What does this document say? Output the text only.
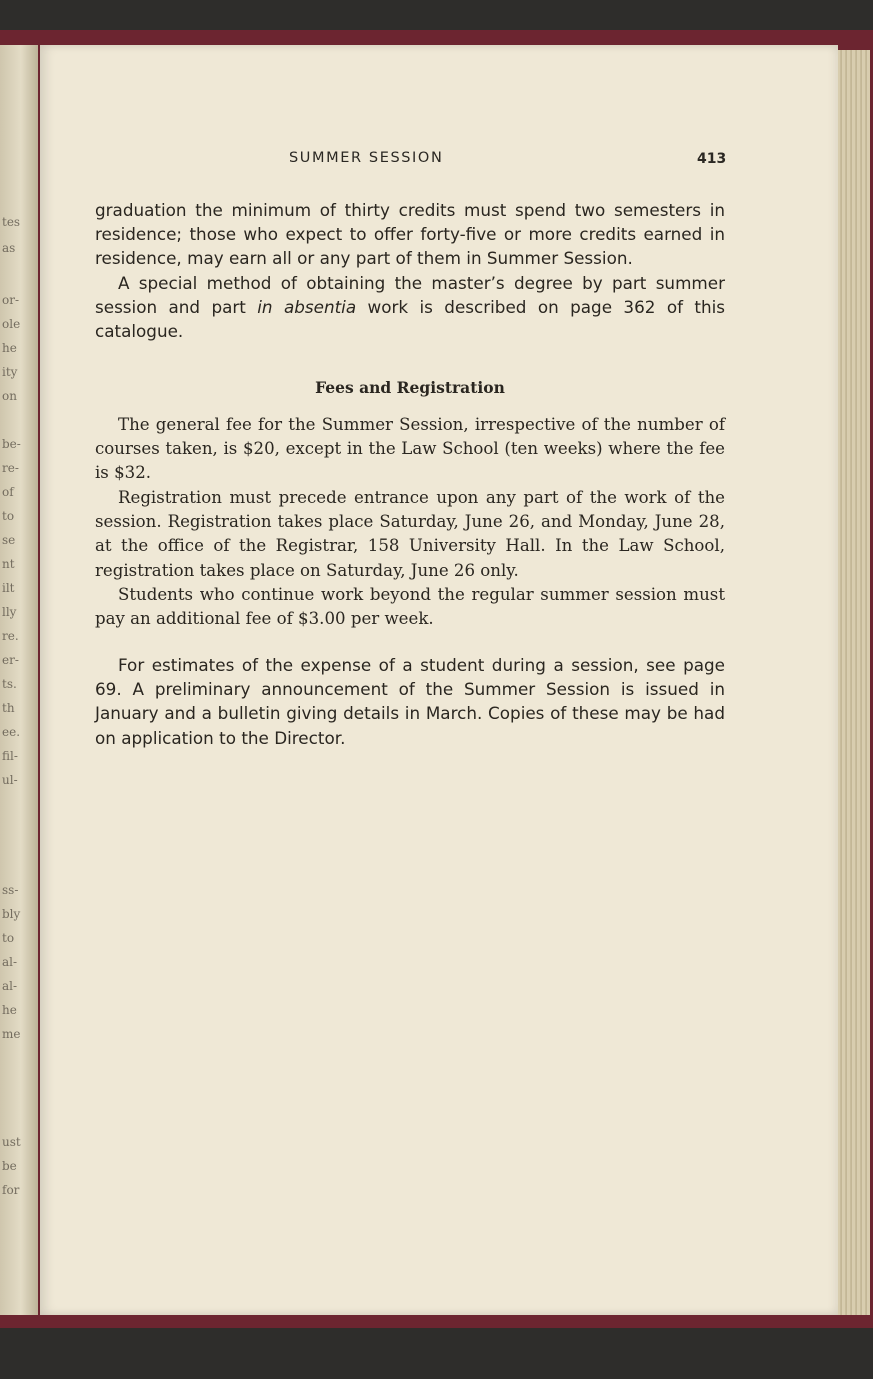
tes
as
or-
ole
he
ity
on
be-
re-
of
to
se
nt
ilt
lly
re.
er-
ts.
th
ee.
fil-
ul-
ss-
bly
to
al-
al-
he
me
ust
be
for
SUMMER SESSION	413

graduation the minimum of thirty credits must spend two semesters in residence; those who expect to offer forty-five or more credits earned in residence, may earn all or any part of them in Summer Session.

A special method of obtaining the master’s degree by part summer session and part in absentia work is described on page 362 of this catalogue.

Fees and Registration

The general fee for the Summer Session, irrespective of the number of courses taken, is $20, except in the Law School (ten weeks) where the fee is $32.

Registration must precede entrance upon any part of the work of the session. Registration takes place Saturday, June 26, and Monday, June 28, at the office of the Registrar, 158 University Hall. In the Law School, registration takes place on Saturday, June 26 only.

Students who continue work beyond the regular summer session must pay an additional fee of $3.00 per week.

For estimates of the expense of a student during a session, see page 69. A preliminary announcement of the Summer Session is issued in January and a bulletin giving details in March. Copies of these may be had on application to the Director.
